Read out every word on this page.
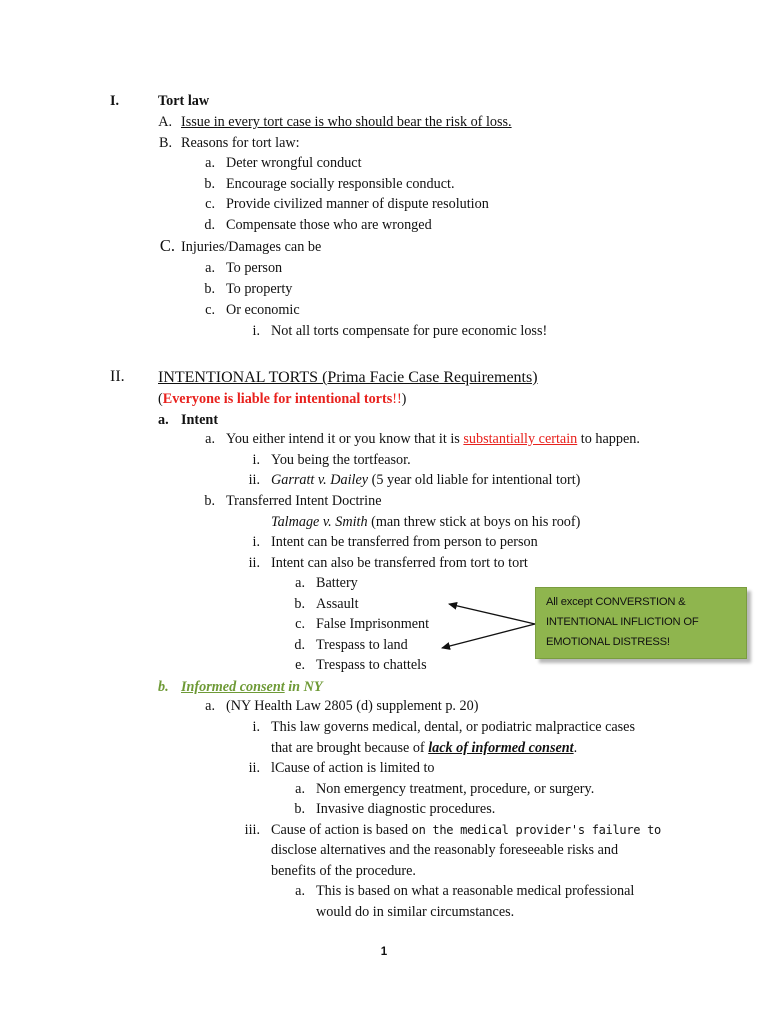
I.	Tort law
A. Issue in every tort case is who should bear the risk of loss.
B. Reasons for tort law:
a. Deter wrongful conduct
b. Encourage socially responsible conduct.
c. Provide civilized manner of dispute resolution
d. Compensate those who are wronged
C. Injuries/Damages can be
a. To person
b. To property
c. Or economic
i. Not all torts compensate for pure economic loss!
II. INTENTIONAL TORTS (Prima Facie Case Requirements)
(Everyone is liable for intentional torts!!)
a. Intent
a. You either intend it or you know that it is substantially certain to happen.
i. You being the tortfeasor.
ii. Garratt v. Dailey (5 year old liable for intentional tort)
b. Transferred Intent Doctrine
Talmage v. Smith (man threw stick at boys on his roof)
i. Intent can be transferred from person to person
ii. Intent can also be transferred from tort to tort
a. Battery
b. Assault
c. False Imprisonment
d. Trespass to land
e. Trespass to chattels
All except CONVERSTION &
INTENTIONAL INFLICTION OF
EMOTIONAL DISTRESS!
b. Informed consent in NY
a. (NY Health Law 2805 (d) supplement p. 20)
i. This law governs medical, dental, or podiatric malpractice cases
that are brought because of lack of informed consent.
ii. lCause of action is limited to
a. Non emergency treatment, procedure, or surgery.
b. Invasive diagnostic procedures.
iii. Cause of action is based on the medical provider's failure to
disclose alternatives and the reasonably foreseeable risks and
benefits of the procedure.
a. This is based on what a reasonable medical professional
would do in similar circumstances.
1
